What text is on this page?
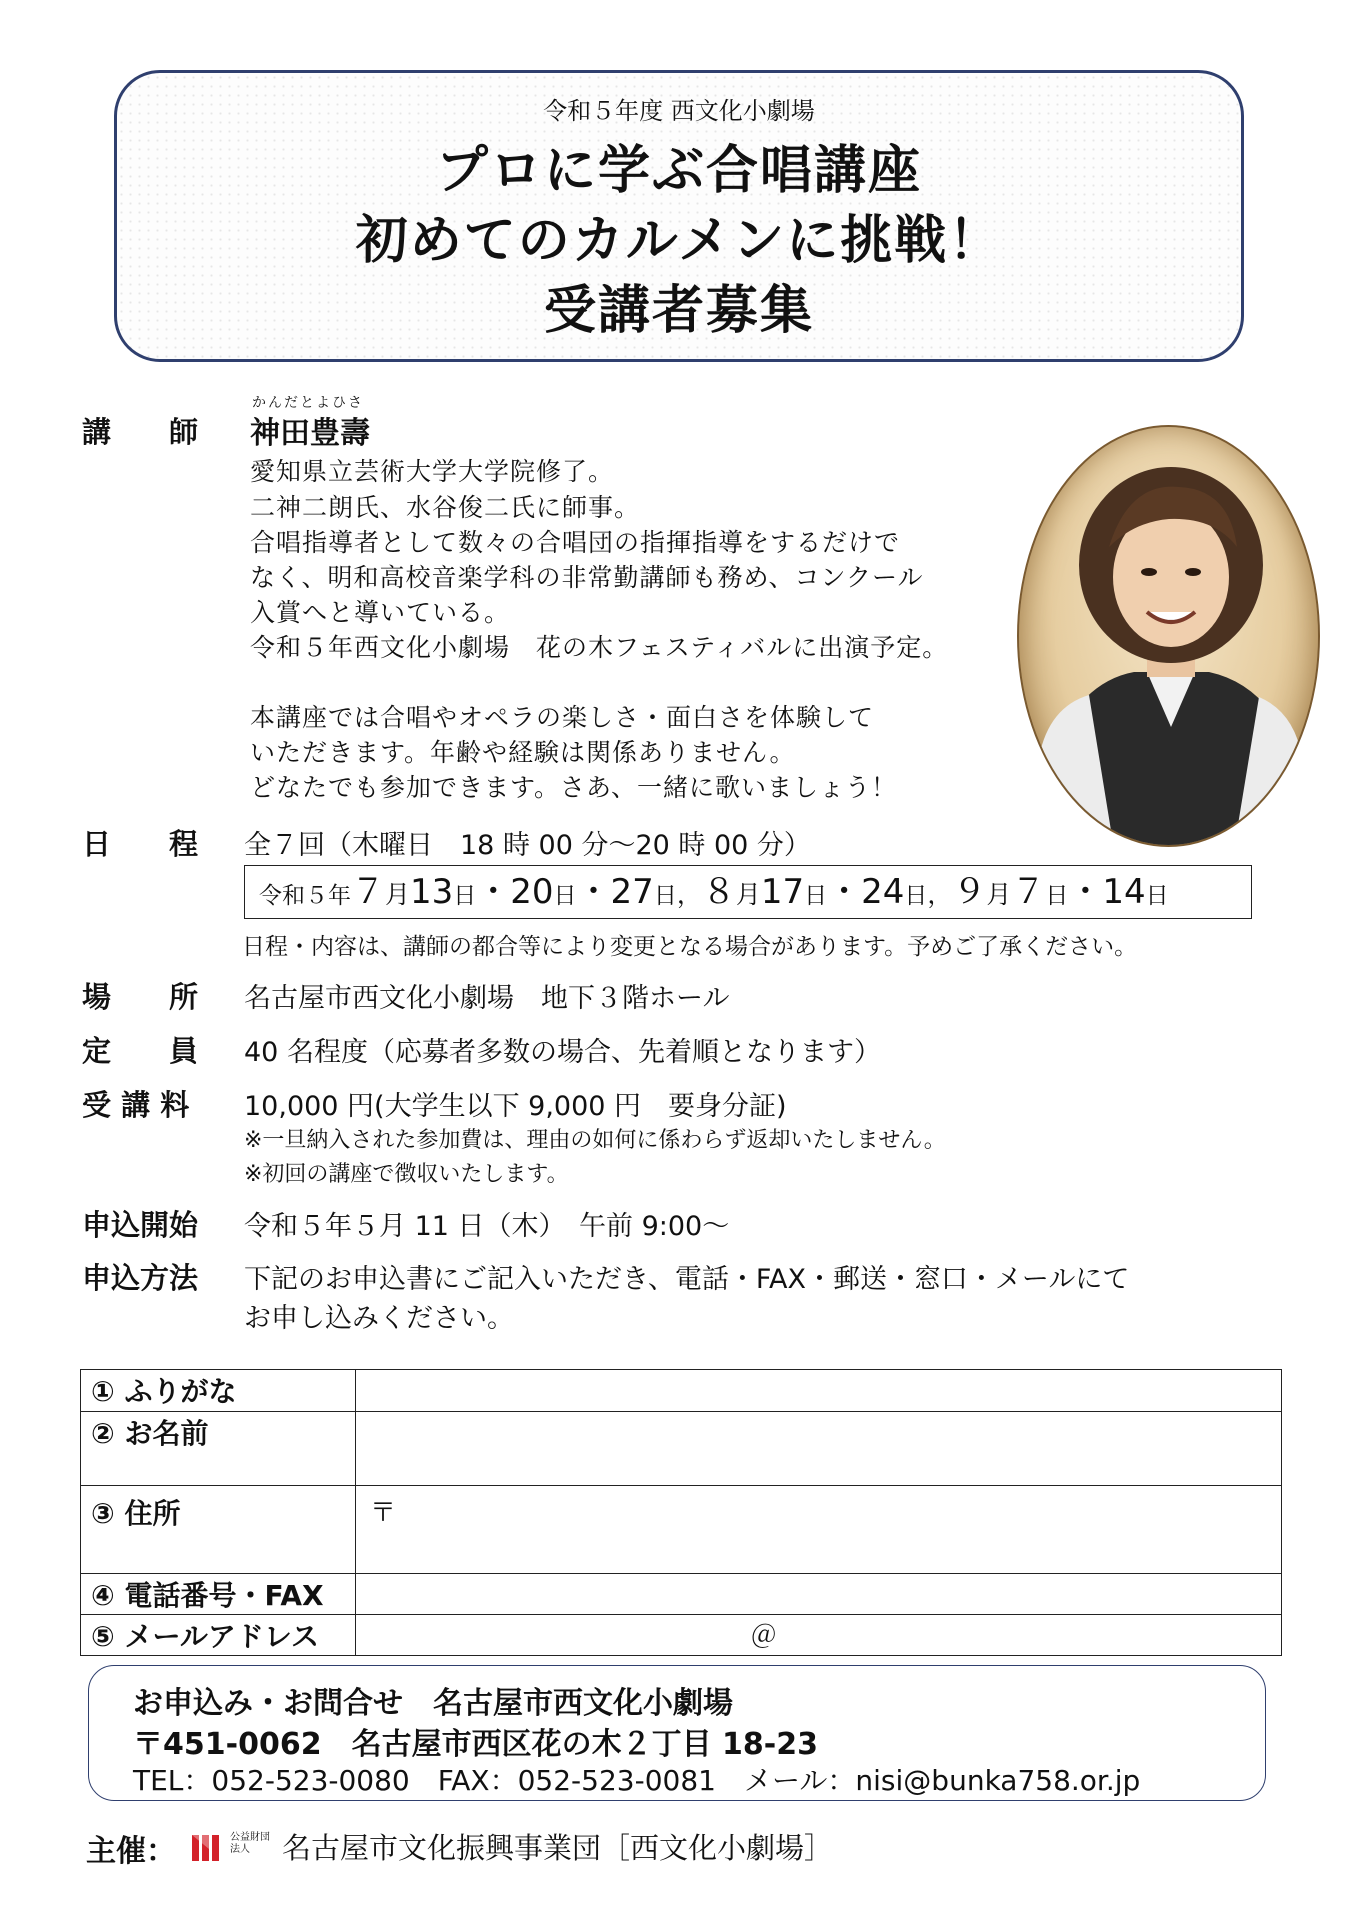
令和５年度 西文化小劇場
プロに学ぶ合唱講座
初めてのカルメンに挑戦！
受講者募集
講　　師
かんだとよひさ
神田豊壽
愛知県立芸術大学大学院修了。
二神二朗氏、水谷俊二氏に師事。
合唱指導者として数々の合唱団の指揮指導をするだけで
なく、明和高校音楽学科の非常勤講師も務め、コンクール
入賞へと導いている。
令和５年西文化小劇場　花の木フェスティバルに出演予定。
本講座では合唱やオペラの楽しさ・面白さを体験して
いただきます。年齢や経験は関係ありません。
どなたでも参加できます。さあ、一緒に歌いましょう！
日　　程 全７回（木曜日　18 時 00 分～20 時 00 分）
令和５年７月13日・20日・27日，８月17日・24日，９月７日・14日
日程・内容は、講師の都合等により変更となる場合があります。予めご了承ください。
場　　所 名古屋市西文化小劇場　地下３階ホール
定　　員 40 名程度（応募者多数の場合、先着順となります）
受 講 料 10,000 円(大学生以下 9,000 円　要身分証)
※一旦納入された参加費は、理由の如何に係わらず返却いたしません。
※初回の講座で徴収いたします。
申込開始 令和５年５月 11 日（木）　午前 9:00～
申込方法 下記のお申込書にご記入いただき、電話・FAX・郵送・窓口・メールにて
お申し込みください。
① ふりがな	
② お名前	
③ 住所	〒
④ 電話番号・FAX	
⑤ メールアドレス	＠
お申込み・お問合せ　名古屋市西文化小劇場
〒451-0062　名古屋市西区花の木２丁目 18-23
TEL：052-523-0080　FAX：052-523-0081　メール：nisi@bunka758.or.jp
主催：	公益財団法人	名古屋市文化振興事業団［西文化小劇場］
